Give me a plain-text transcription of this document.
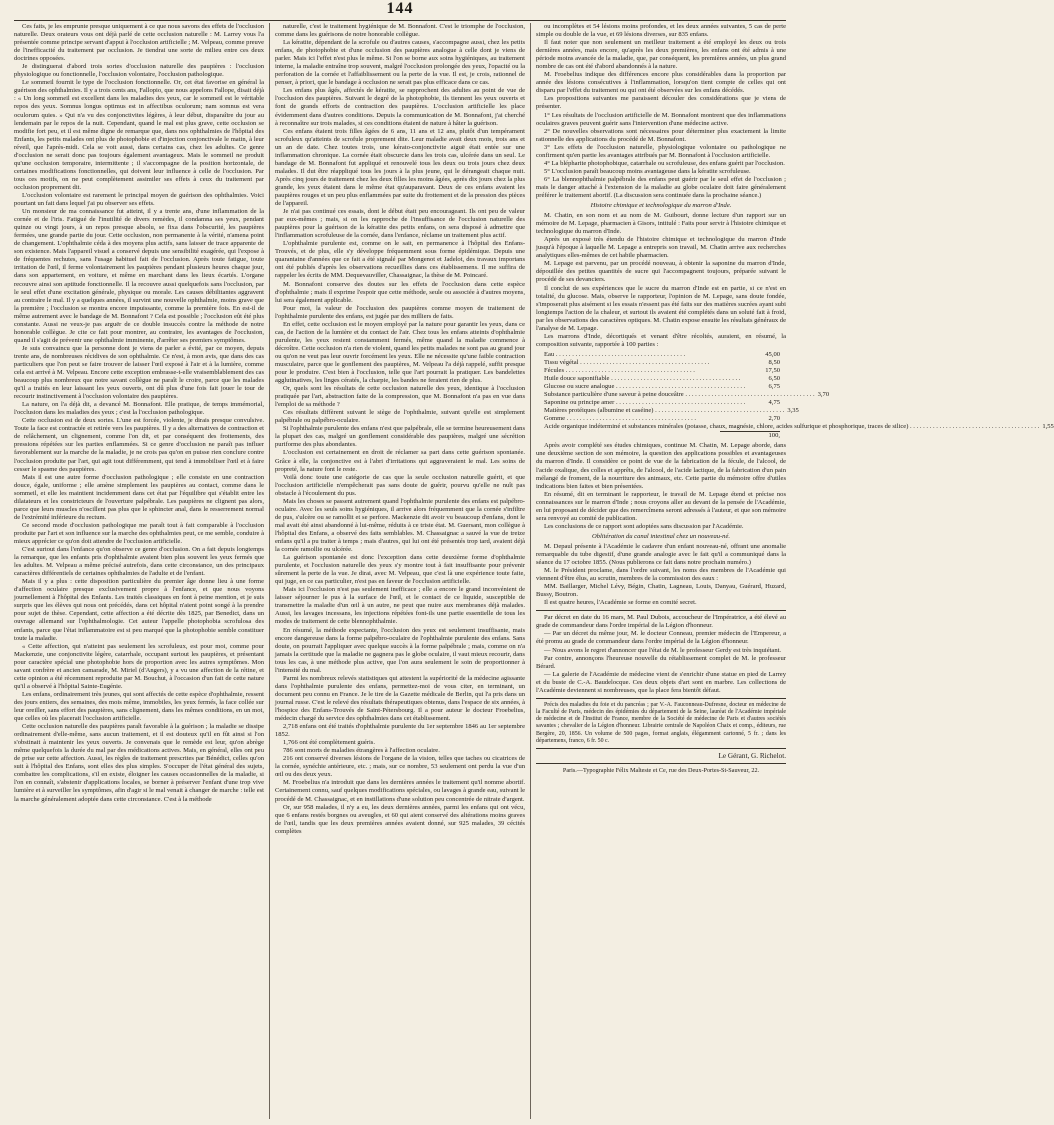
144

Ces faits, je les emprunte presque uniquement à ce que nous savons des effets de l'occlusion naturelle. Deux orateurs vous ont déjà parlé de cette occlusion naturelle : M. Larrey vous l'a présentée comme principe servant d'appui à l'occlusion artificielle ; M. Velpeau, comme preuve de l'inefficacité du traitement par occlusion. Je tiendrai une sorte de milieu entre ces deux doctrines opposées.

Je distinguerai d'abord trois sortes d'occlusion naturelle des paupières : l'occlusion physiologique ou fonctionnelle, l'occlusion volontaire, l'occlusion pathologique.

Le sommeil fournit le type de l'occlusion fonctionnelle. Or, cet état favorise en général la guérison des ophthalmies. Il y a trois cents ans, Fallopio, que nous appelons Fallope, disait déjà : « Un long sommeil est excellent dans les maladies des yeux, car le sommeil est le véritable repos des yeux. Somnus longus optimus est in affectibus oculorum; nam somnus est vera oculorum quies. » Qui n'a vu des conjonctivites légères, à leur début, disparaître du jour au lendemain par le repos de la nuit. Cependant, quand le mal est plus grave, cette occlusion se modifie fort peu, et il est même digne de remarque que, dans nos ophthalmies de l'hôpital des Enfants, les petits malades ont plus de photophobie et d'injection conjonctivale le matin, à leur réveil, que l'après-midi. Cela se voit aussi, dans certains cas, chez les adultes. Ce genre d'occlusion ne serait donc pas toujours également avantageux. Mais le sommeil ne produit qu'une occlusion temporaire, intermittente ; il s'accompagne de la position horizontale, de certaines modifications fonctionnelles, qui doivent leur influence à celle de l'occlusion. Par tous ces motifs, on ne peut complètement assimiler ses effets à ceux du traitement par occlusion proprement dit.

L'occlusion volontaire est rarement le principal moyen de guérison des ophthalmies. Voici pourtant un fait dans lequel j'ai pu observer ses effets.

Un monsieur de ma connaissance fut atteint, il y a trente ans, d'une inflammation de la cornée et de l'iris. Fatigué de l'inutilité de divers remèdes, il condamna ses yeux, pendant quinze ou vingt jours, à un repos presque absolu, se fixa dans l'obscurité, les paupières fermées, une grande partie du jour. Cette occlusion, non permanente à la vérité, n'amena point de changement. L'ophthalmie céda à des moyens plus actifs, sans laisser de trace apparente de son existence. Mais l'appareil visuel a conservé depuis une sensibilité exagérée, qui l'expose à de fréquentes rechutes, sans l'usage habituel fait de l'occlusion. Après toute fatigue, toute irritation de l'œil, il ferme volontairement les paupières pendant plusieurs heures chaque jour, dans son appartement, en voiture, et même en marchant dans les lieux écartés. L'organe recouvre ainsi son aptitude fonctionnelle. Il la recouvre aussi quelquefois sans l'occlusion, par le seul effet d'une excitation générale, physique ou morale. Les causes débilitantes aggravent au contraire le mal. Il y a quelques années, il survint une nouvelle ophthalmie, moins grave que la première ; l'occlusion se montra encore impuissante, comme la première fois. En est-il de même autrement avec le bandage de M. Bonnafont ? Cela est possible ; l'occlusion eût été plus constante. Aussi ne veux-je pas arguër de ce double insuccès contre la méthode de notre honorable collègue. Je cite ce fait pour montrer, au contraire, les avantages de l'occlusion, quand il s'agit de prévenir une ophthalmie imminente, d'arrêter ses premiers symptômes.

Je suis convaincu que la personne dont je viens de parler a évité, par ce moyen, depuis trente ans, de nombreuses récidives de son ophthalmie. Ce n'est, à mon avis, que dans des cas particuliers que l'on peut se faire trouver de laisser l'œil exposé à l'air et à la lumière, comme cela est arrivé à M. Velpeau. Encore cette exception embrasse-t-elle vraisemblablement des cas beaucoup plus nombreux que notre savant collègue ne paraît le croire, parce que les malades qu'il a traités en leur laissant les yeux ouverts, ont dû plus d'une fois fait jouer le tour de recourir instinctivement à l'occlusion volontaire des paupières.

La nature, on l'a déjà dit, a devancé M. Bonnafont. Elle pratique, de temps immémorial, l'occlusion dans les maladies des yeux ; c'est la l'occlusion pathologique.

Cette occlusion est de deux sortes. L'une est forcée, violente, je dirais presque convulsive. Toute la face est contractée et retirée vers les paupières. Il y a des alternatives de contraction et de relâchement, un clignement, comme l'on dit, et par conséquent des frottements, des pressions répétées sur les parties enflammées. Si ce genre d'occlusion ne paraît pas influer favorablement sur la marche de la maladie, je ne crois pas qu'on en puisse rien conclure contre l'occlusion produite par l'art, qui agit tout différemment, qui tend à immobiliser l'œil et à faire cesser le spasme des paupières.

Mais il est une autre forme d'occlusion pathologique ; elle consiste en une contraction douce, égale, uniforme ; elle amène simplement les paupières au contact, comme dans le sommeil, et elle les maintient incidemment dans cet état par l'équilibre qui s'établit entre les dilatateurs et les constricteurs de l'ouverture palpébrale. Les paupières ne clignent pas alors, parce que leurs muscles n'oscillent pas plus que le sphincter anal, dans le resserrement normal de l'extrémité inférieure du rectum.

Ce second mode d'occlusion pathologique me paraît tout à fait comparable à l'occlusion produite par l'art et son influence sur la marche des ophthalmies peut, ce me semble, conduire à mieux apprécier ce qu'on doit attendre de l'occlusion artificielle.

C'est surtout dans l'enfance qu'on observe ce genre d'occlusion. On a fait depuis longtemps la remarque, que les enfants pris d'ophthalmie avaient bien plus souvent les yeux fermés que les adultes. M. Velpeau a même précisé autrefois, dans cette circonstance, un des principaux caractères différentiels de certaines ophthalmies de l'adulte et de l'enfant.

Mais il y a plus : cette disposition particulière du premier âge donne lieu à une forme d'affection oculaire presque exclusivement propre à l'enfance, et que nous voyons journellement à l'hôpital des Enfants. Les traités classiques en font à peine mention, et je suis surpris que les élèves qui nous ont précédés, dans cet hôpital n'aient point songé à la prendre pour sujet de thèse. Cependant, cette affection a été décrite dès 1825, par Benedict, dans un ouvrage allemand sur l'ophthalmologie. Cet auteur l'appelle photophobia scrofulosa des enfants, parce que l'état inflammatoire est si peu marqué que la photophobie semble constituer toute la maladie.

« Cette affection, qui n'atteint pas seulement les scrofuleux, est pour moi, comme pour Mackenzie, une conjonctivite légère, catarrhale, occupant surtout les paupières, et présentant pour caractère spécial une photophobie hors de proportion avec les autres symptômes. Mon savant confrère et ancien camarade, M. Miriel (d'Angers), y a vu une affection de la rétine, et cette opinion a été récemment reproduite par M. Bouchut, à l'occasion d'un fait de cette nature qu'il a observé à l'hôpital Sainte-Eugénie.

Les enfans, ordinairement très jeunes, qui sont affectés de cette espèce d'ophthalmie, ressent des jours entiers, des semaines, des mois même, immobiles, les yeux fermés, la face collée sur leur oreiller, sans effort des paupières, sans clignement, dans les mêmes conditions, en un mot, que celles où les placerait l'occlusion artificielle.

Cette occlusion naturelle des paupières paraît favorable à la guérison ; la maladie se dissipe ordinairement d'elle-même, sans aucun traitement, et il est douteux qu'il en fût ainsi si l'on s'obstinait à maintenir les yeux ouverts. Je convenais que le remède est leur, qu'on abrège même quelquefois la durée du mal par des médications actives. Mais, en général, elles ont peu de prise sur cette affection. Aussi, les règles de traitement prescrites par Bénédict, celles qu'on suit à l'hôpital des Enfans, sont elles des plus simples. S'occuper de l'état général des sujets, combattre les complications, s'il en existe, éloigner les causes occasionnelles de la maladie, si l'on en connaît, s'abstenir d'applications locales, se borner à préserver l'enfant d'une trop vive lumière et à surveiller les symptômes, afin d'agir si le mal venait à changer de marche : telle est la marche généralement adoptée dans cette circonstance. C'est à la méthode

naturelle, c'est le traitement hygiénique de M. Bonnafont. C'est le triomphe de l'occlusion, comme dans les guérisons de notre honorable collègue.

La kératite, dépendant de la scrofule ou d'autres causes, s'accompagne aussi, chez les petits enfans, de photophobie et d'une occlusion des paupières analogue à celle dont je viens de parler. Mais ici l'effet n'est plus le même. Si l'on se borne aux soins hygiéniques, au traitement interne, la maladie entraîne trop souvent, malgré l'occlusion prolongée des yeux, l'opacité ou la perforation de la cornée et l'affaiblissement ou la perte de la vue. Il est, je crois, rationnel de penser, à priori, que le bandage à occlusion ne serait pas plus efficace dans ce cas.

Les enfans plus âgés, affectés de kératite, se rapprochent des adultes au point de vue de l'occlusion des paupières. Suivant le degré de la photophobie, ils tiennent les yeux ouverts et font de grands efforts de contraction des paupières. L'occlusion artificielle les place évidemment dans d'autres conditions. Depuis la communication de M. Bonnafont, j'ai cherché à reconnaître sur trois malades, si ces conditions étaient de nature à hâter la guérison.

Ces enfans étaient trois filles âgées de 6 ans, 11 ans et 12 ans, plutôt d'un tempérament scrofuleux qu'atteints de scrofule proprement dite. Leur maladie avait deux mois, trois ans et un an de date. Chez toutes trois, une kérato-conjonctivite aiguë était entée sur une inflammation chronique. La cornée était obscurcie dans les trois cas, ulcérée dans un seul. Le bandage de M. Bonnafont fut appliqué et renouvelé tous les deux ou trois jours chez deux malades. Il dut être réappliqué tous les jours à la plus jeune, qui le dérangeait chaque nuit. Après cinq jours de traitement chez les deux filles les moins âgées, après dix jours chez la plus grande, les yeux étaient dans le même état qu'auparavant. Deux de ces enfans avaient les paupières rouges et un peu plus enflammées par suite du frottement et de la pression des pièces de l'appareil.

Je n'ai pas continué ces essais, dont le début était peu encourageant. Ils ont peu de valeur par eux-mêmes ; mais, si on les rapproche de l'insuffisance de l'occlusion naturelle des paupières pour la guérison de la kératite des petits enfans, on sera disposé à admettre que l'inflammation scrofuleuse de la cornée, dans l'enfance, réclame un traitement plus actif.

L'ophthalmie purulente est, comme on le sait, en permanence à l'hôpital des Enfans-Trouvés, et de plus, elle s'y développe fréquemment sous forme épidémique. Depuis une quarantaine d'années que ce fait a été signalé par Mongenot et Jadelot, des travaux importans ont été publiés d'après les observations recueillies dans ces établissemens. Il me suffira de rappeler les écrits de MM. Dequevauviller, Chassaignac, la thèse de M. Poincaré.

M. Bonnafont conserve des doutes sur les effets de l'occlusion dans cette espèce d'ophthalmie ; mais il exprime l'espoir que cette méthode, seule ou associée à d'autres moyens, lui sera également applicable.

Pour moi, la valeur de l'occlusion des paupières comme moyen de traitement de l'ophthalmie purulente des enfans, est jugée par des milliers de faits.

En effet, cette occlusion est le moyen employé par la nature pour garantir les yeux, dans ce cas, de l'action de la lumière et du contact de l'air. Chez tous les enfans atteints d'ophthalmie purulente, les yeux restent constamment fermés, même quand la maladie commence à décroître. Cette occlusion n'a rien de violent, quand les petits malades ne sont pas au grand jour ou qu'on ne veut pas leur ouvrir forcément les yeux. Elle ne nécessite qu'une faible contraction musculaire, parce que le gonflement des paupières, M. Velpeau l'a déjà rappelé, suffit presque pour le produire. C'est bien à l'occlusion, telle que l'art pourrait la pratiquer. Les bandelettes agglutinatives, les linges cératés, la charpie, les bandes ne feraient rien de plus.

Or, quels sont les résultats de cette occlusion naturelle des yeux, identique à l'occlusion pratiquée par l'art, abstraction faite de la compression, que M. Bonnafont n'a pas en vue dans l'emploi de sa méthode ?

Ces résultats diffèrent suivant le siège de l'ophthalmie, suivant qu'elle est simplement palpébrale ou palpébro-oculaire.

Si l'ophthalmie purulente des enfans n'est que palpébrale, elle se termine heureusement dans la plupart des cas, malgré un gonflement considérable des paupières, malgré une sécrétion puriforme des plus abondantes.

L'occlusion est certainement en droit de réclamer sa part dans cette guérison spontanée. Grâce à elle, la conjonctive est à l'abri d'irritations qui aggraveraient le mal. Les soins de propreté, la nature font le reste.

Voilà donc toute une catégorie de cas que la seule occlusion naturelle guérit, et que l'occlusion artificielle n'empêcherait pas sans doute de guérir, pourvu qu'elle ne nuît pas obstacle à l'écoulement du pus.

Mais les choses se passent autrement quand l'ophthalmie purulente des enfans est palpébro-oculaire. Avec les seuls soins hygiéniques, il arrive alors fréquemment que la cornée s'infiltre de pus, s'ulcère ou se ramollit et se perfore. Mackenzie dit avoir vu beaucoup d'enfans, dont le mal avait été ainsi abandonné à lui-même, réduits à ce triste état. M. Guersant, mon collègue à l'hôpital des Enfans, a observé des faits semblables. M. Chassaignac a sauvé la vue de treize enfans qu'il a pu traiter à temps ; mais d'autres, qui lui ont été présentés trop tard, avaient déjà la cornée ramollie ou ulcérée.

La guérison spontanée est donc l'exception dans cette deuxième forme d'ophthalmie purulente, et l'occlusion naturelle des yeux s'y montre tout à fait insuffisante pour prévenir sûrement la perte de la vue. Je dirai, avec M. Velpeau, que c'est là une expérience toute faite, qui juge, en ce cas particulier, n'est pas en faveur de l'occlusion artificielle.

Mais ici l'occlusion n'est pas seulement inefficace ; elle a encore le grand inconvénient de laisser séjourner le pus à la surface de l'œil, et le contact de ce liquide, susceptible de transmettre la maladie d'un œil à un autre, ne peut que nuire aux membranes déjà malades. Aussi, les lavages incessans, les injections répétées font-ils une partie essentielle de tous les modes de traitement de cette blennophthalmie.

En résumé, la méthode expectante, l'occlusion des yeux est seulement insuffisante, mais encore dangereuse dans la forme palpébro-oculaire de l'ophthalmie purulente des enfans. Sans doute, on pourrait l'appliquer avec quelque succès à la forme palpébrale ; mais, comme on n'a jamais la certitude que la maladie ne gagnera pas le globe oculaire, il vaut mieux recourir, dans tous les cas, à une méthode plus active, que l'on aura seulement le soin de proportionner à l'intensité du mal.

Parmi les nombreux relevés statistiques qui attestent la supériorité de la médecine agissante dans l'ophthalmie purulente des enfans, permettez-moi de vous citer, en terminant, un document peu connu en France. Je le tire de la Gazette médicale de Berlin, qui l'a pris dans un journal russe. C'est le relevé des résultats thérapeutiques obtenus, dans l'espace de six années, à l'hospice des Enfans-Trouvés de Saint-Pétersbourg. Il a pour auteur le docteur Froebelius, médecin chargé du service des ophthalmies dans cet établissement.

2,718 enfans ont été traités d'ophthalmie purulente du 1er septembre 1846 au 1er septembre 1852.

1,766 ont été complètement guéris.

786 sont morts de maladies étrangères à l'affection oculaire.

216 ont conservé diverses lésions de l'organe de la vision, telles que taches ou cicatrices de la cornée, synéchie antérieure, etc. ; mais, sur ce nombre, 53 seulement ont perdu la vue d'un œil ou des deux yeux.

M. Froebelius n'a introduit que dans les dernières années le traitement qu'il nomme abortif. Certainement connu, sauf quelques modifications spéciales, ou lavages à grande eau, suivant le procédé de M. Chassaignac, et en instillations d'une solution peu concentrée de nitrate d'argent.

Or, sur 958 malades, il n'y a eu, les deux dernières années, parmi les enfans qui ont vécu, que 6 enfans restés borgnes ou aveugles, et 60 qui aient conservé des altérations moins graves de l'œil, tandis que les deux premières années avaient donné, sur 925 malades, 39 cécités complètes

ou incomplètes et 54 lésions moins profondes, et les deux années suivantes, 5 cas de perte simple ou double de la vue, et 69 lésions diverses, sur 835 enfans.

Il faut noter que non seulement un meilleur traitement a été employé les deux ou trois dernières années, mais encore, qu'après les deux premières, les enfans ont été admis à une période moins avancée de la maladie, que, par conséquent, les premières années, un plus grand nombre de cas ont été d'abord abandonnés à la nature.

M. Froebelius indique des différences encore plus considérables dans la proportion par année des lésions consécutives à l'inflammation, lorsqu'on tient compte de celles qui ont disparu par l'effet du traitement ou qui ont été observées sur les enfans décédés.

Les propositions suivantes me paraissent découler des considérations que je viens de présenter.

1° Les résultats de l'occlusion artificielle de M. Bonnafont montrent que des inflammations oculaires graves peuvent guérir sans l'intervention d'une médecine active.

2° De nouvelles observations sont nécessaires pour déterminer plus exactement la limite rationnelle des applications du procédé de M. Bonnafont.

3° Les effets de l'occlusion naturelle, physiologique volontaire ou pathologique ne confirment qu'en partie les avantages attribués par M. Bonnafont à l'occlusion artificielle.

4° La blépharite photophobique, catarrhale ou scrofuleuse, des enfans guérit par l'occlusion.

5° L'occlusion paraît beaucoup moins avantageuse dans la kératite scrofuleuse.

6° La blennophthalmie palpébrale des enfans peut guérir par le seul effet de l'occlusion ; mais le danger attaché à l'extension de la maladie au globe oculaire doit faire généralement préférer le traitement abortif. (La discussion sera continuée dans la prochaine séance.)

Histoire chimique et technologique du marron d'Inde.

M. Chatin, en son nom et au nom de M. Guibourt, donne lecture d'un rapport sur un mémoire de M. Lepage, pharmacien à Gisors, intitulé : Faits pour servir à l'histoire chimique et technologique du marron d'Inde.

Après un exposé très étendu de l'histoire chimique et technologique du marron d'Inde jusqu'à l'époque à laquelle M. Lepage a entrepris son travail, M. Chatin arrive aux recherches analytiques elles-mêmes de cet habile pharmacien.

M. Lepage est parvenu, par un procédé nouveau, à obtenir la saponine du marron d'Inde, dépouillée des petites quantités de sucre qui l'accompagnent toujours, préparée suivant le procédé de ses devanciers.

Il conclut de ses expériences que le sucre du marron d'Inde est en partie, si ce n'est en totalité, du glucose. Mais, observe le rapporteur, l'opinion de M. Lepage, sans doute fondée, s'imposerait plus aisément si les essais n'essent pas été faits sur des matières sucrées ayant subi longtemps l'action de la chaleur, et surtout ils avaient été complétés dans un soluté fait à froid, par les observations des caractères optiques. M. Chatin expose ensuite les résultats généraux de l'analyse de M. Lepage.

Les marrons d'Inde, décortiqués et venant d'être récoltés, auraient, en résumé, la composition suivante, rapportée à 100 parties :

Eau . . .	45,00
Tissu végétal . . .	8,50
Fécules . . .	17,50
Huile douce saponifiable . . .	6,50
Glucose ou sucre analogue . . .	6,75
Substance particulière d'une saveur à peine douceâtre . . .	3,70
Saponine ou principe amer . . .	4,75
Matières protéiques (albumine et caséine) . . .	3,35
Gomme . . .	2,70
Acide organique indéterminé et substances minérales (potasse, chaux, magnésie, chlore, acides sulfurique et phosphorique, traces de silice) . . .	1,55
100,

Après avoir complété ses études chimiques, continue M. Chatin, M. Lepage aborde, dans une deuxième section de son mémoire, la question des applications possibles et avantageuses du marron d'Inde. Il considère ce point de vue de la fabrication de la fécule, de l'alcool, de l'acide oxalique, des colles et apprêts, de l'alcool, de l'acide lactique, de la fabrication d'un pain mélangé de froment, de la nourriture des animaux, etc. Cette partie du mémoire offre d'utiles indications bien faites et bien présentées.

En résumé, dit en terminant le rapporteur, le travail de M. Lepage étend et précise nos connaissances sur le marron d'Inde ; nous croyons aller au devant de la pensée de l'Académie, en lui proposant de décider que des remercîmens seront adressés à l'auteur, et que son mémoire sera renvoyé au comité de publication.

Les conclusions de ce rapport sont adoptées sans discussion par l'Académie.

Oblitération du canal intestinal chez un nouveau-né.

M. Depaul présente à l'Académie le cadavre d'un enfant nouveau-né, offrant une anomalie remarquable du tube digestif, d'une grande analogie avec le fait qu'il a communiqué dans la séance du 17 octobre 1855. (Nous publierons ce fait dans notre prochain numéro.)

M. le Président proclame, dans l'ordre suivant, les noms des membres de l'Académie qui viennent d'être élus, au scrutin, membres de la commission des eaux :

MM. Baillarger, Michel Lévy, Bégin, Chatin, Lagneau, Louis, Danyau, Guérard, Huzard, Bussy, Boutron.

Il est quatre heures, l'Académie se forme en comité secret.

Par décret en date du 16 mars, M. Paul Dubois, accoucheur de l'Impératrice, a été élevé au grade de commandeur dans l'ordre impérial de la Légion d'honneur.

— Par un décret du même jour, M. le docteur Conneau, premier médecin de l'Empereur, a été promu au grade de commandeur dans l'ordre impérial de la Légion d'honneur.

— Nous avons le regret d'annoncer que l'état de M. le professeur Gerdy est très inquiétant.

Par contre, annonçons l'heureuse nouvelle du rétablissement complet de M. le professeur Bérard.

— La galerie de l'Académie de médecine vient de s'enrichir d'une statue en pied de Larrey et du buste de C.-A. Baudelocque. Ces deux objets d'art sont en marbre. Les collections de l'Académie deviennent si nombreuses, que la place fera bientôt défaut.

Précis des maladies du foie et du pancréas ; par V.-A. Fauconneau-Dufresne, docteur en médecine de la Faculté de Paris, médecin des épidémies du département de la Seine, lauréat de l'Académie impériale de médecine et de l'Institut de France, membre de la Société de médecine de Paris et d'autres sociétés savantes ; chevalier de la Légion d'honneur. Librairie centrale de Napoléon Chaix et comp., éditeurs, rue Bergère, 20, 1856. Un volume de 500 pages, format anglais, élégamment cartonné, 5 fr. ; dans les départemens, franco, 6 fr. 50 c.

Le Gérant, G. Richelot.
Paris.—Typographie Félix Malteste et Ce, rue des Deux-Portes-St-Sauveur, 22.
